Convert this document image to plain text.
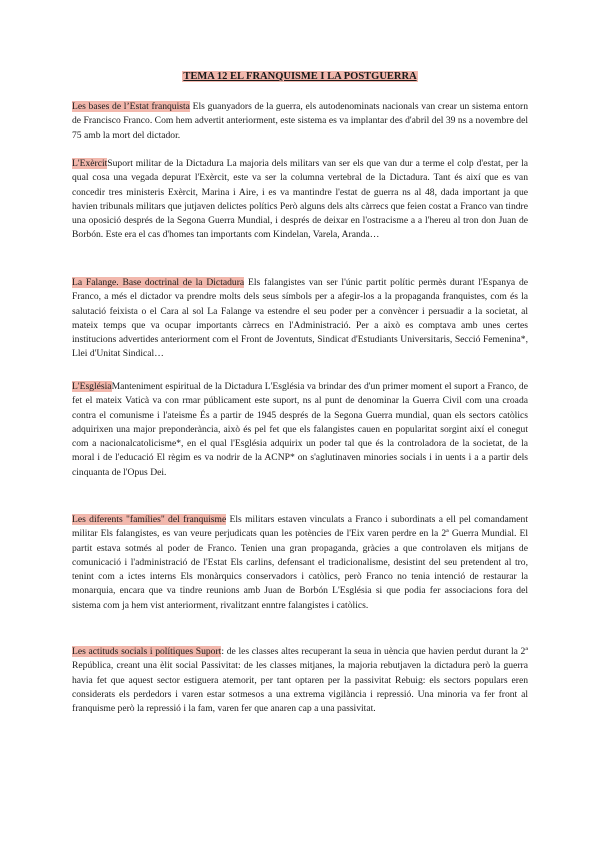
TEMA 12 EL FRANQUISME I LA POSTGUERRA

Les bases de l’Estat franquista Els guanyadors de la guerra, els autodenominats nacionals van crear un sistema entorn de Francisco Franco. Com hem advertit anteriorment, este sistema es va implantar des d'abril del 39 ns a novembre del 75 amb la mort del dictador.

L'ExèrcitSuport militar de la Dictadura La majoria dels militars van ser els que van dur a terme el colp d'estat, per la qual cosa una vegada depurat l'Exèrcit, este va ser la columna vertebral de la Dictadura. Tant és així que es van concedir tres ministeris Exèrcit, Marina i Aire, i es va mantindre l'estat de guerra ns al 48, dada important ja que havien tribunals militars que jutjaven delictes polítics Però alguns dels alts càrrecs que feien costat a Franco van tindre una oposició després de la Segona Guerra Mundial, i després de deixar en l'ostracisme a a l'hereu al tron don Juan de Borbón. Este era el cas d'homes tan importants com Kindelan, Varela, Aranda…

La Falange. Base doctrinal de la Dictadura Els falangistes van ser l'únic partit polític permès durant l'Espanya de Franco, a més el dictador va prendre molts dels seus símbols per a afegir-los a la propaganda franquistes, com és la salutació feixista o el Cara al sol La Falange va estendre el seu poder per a convèncer i persuadir a la societat, al mateix temps que va ocupar importants càrrecs en l'Administració. Per a això es comptava amb unes certes institucions advertides anteriorment com el Front de Joventuts, Sindicat d'Estudiants Universitaris, Secció Femenina*, Llei d'Unitat Sindical…

L'EsglésiaManteniment espiritual de la Dictadura L'Església va brindar des d'un primer moment el suport a Franco, de fet el mateix Vaticà va con rmar públicament este suport, ns al punt de denominar la Guerra Civil com una croada contra el comunisme i l'ateisme És a partir de 1945 després de la Segona Guerra mundial, quan els sectors catòlics adquirixen una major preponderància, això és pel fet que els falangistes cauen en popularitat sorgint així el conegut com a nacionalcatolicisme*, en el qual l'Església adquirix un poder tal que és la controladora de la societat, de la moral i de l'educació El règim es va nodrir de la ACNP* on s'aglutinaven minories socials i in uents i a a partir dels cinquanta de l'Opus Dei.

Les diferents "famílies" del franquisme Els militars estaven vinculats a Franco i subordinats a ell pel comandament militar Els falangistes, es van veure perjudicats quan les potències de l'Eix varen perdre en la 2ª Guerra Mundial. El partit estava sotmés al poder de Franco. Tenien una gran propaganda, gràcies a que controlaven els mitjans de comunicació i l'administració de l'Estat Els carlins, defensant el tradicionalisme, desistint del seu pretendent al tro, tenint com a ictes interns Els monàrquics conservadors i catòlics, però Franco no tenia intenció de restaurar la monarquia, encara que va tindre reunions amb Juan de Borbón L'Església si que podia fer associacions fora del sistema com ja hem vist anteriorment, rivalitzant enntre falangistes i catòlics.

Les actituds socials i polítiques Suport: de les classes altes recuperant la seua in uència que havien perdut durant la 2ª República, creant una èlit social Passivitat: de les classes mitjanes, la majoria rebutjaven la dictadura però la guerra havia fet que aquest sector estiguera atemorit, per tant optaren per la passivitat Rebuig: els sectors populars eren considerats els perdedors i varen estar sotmesos a una extrema vigilància i repressió. Una minoria va fer front al franquisme però la repressió i la fam, varen fer que anaren cap a una passivitat.
